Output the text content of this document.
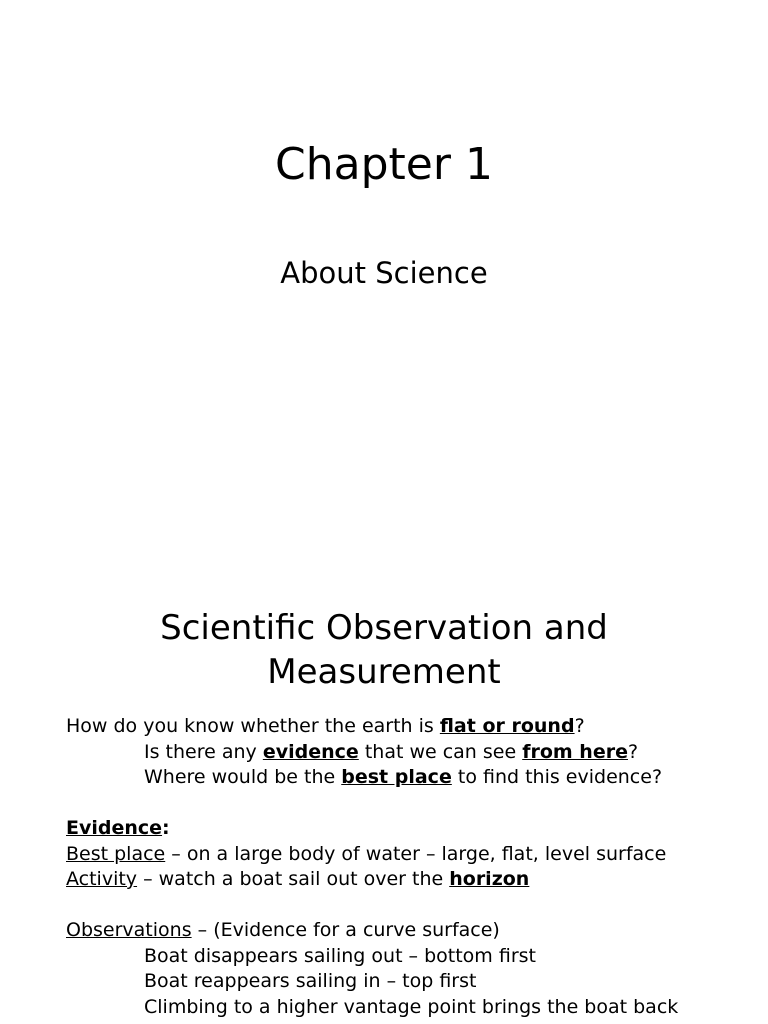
Chapter 1
About Science
Scientific Observation and
Measurement
How do you know whether the earth is flat or round?
Is there any evidence that we can see from here?
Where would be the best place to find this evidence?
Evidence:
Best place – on a large body of water – large, flat, level surface
Activity – watch a boat sail out over the horizon
Observations – (Evidence for a curve surface)
Boat disappears sailing out – bottom first
Boat reappears sailing in – top first
Climbing to a higher vantage point brings the boat back
